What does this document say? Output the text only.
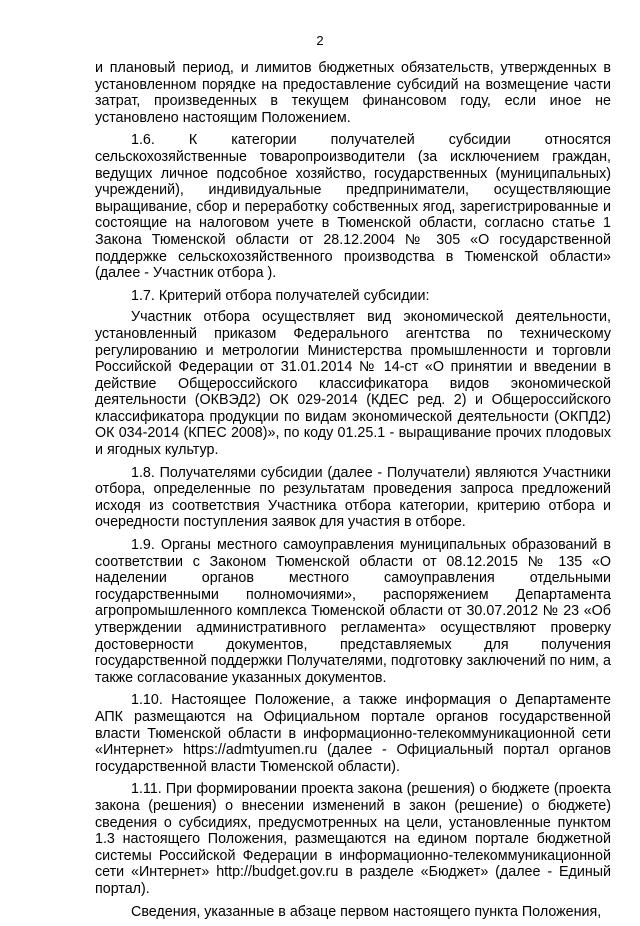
2

и плановый период, и лимитов бюджетных обязательств, утвержденных в установленном порядке на предоставление субсидий на возмещение части затрат, произведенных в текущем финансовом году, если иное не установлено настоящим Положением.

1.6. К категории получателей субсидии относятся сельскохозяйственные товаропроизводители (за исключением граждан, ведущих личное подсобное хозяйство, государственных (муниципальных) учреждений), индивидуальные предприниматели, осуществляющие выращивание, сбор и переработку собственных ягод, зарегистрированные и состоящие на налоговом учете в Тюменской области, согласно статье 1 Закона Тюменской области от 28.12.2004 № 305 «О государственной поддержке сельскохозяйственного производства в Тюменской области» (далее - Участник отбора ).

1.7. Критерий отбора получателей субсидии:

Участник отбора осуществляет вид экономической деятельности, установленный приказом Федерального агентства по техническому регулированию и метрологии Министерства промышленности и торговли Российской Федерации от 31.01.2014 № 14-ст «О принятии и введении в действие Общероссийского классификатора видов экономической деятельности (ОКВЭД2) ОК 029-2014 (КДЕС ред. 2) и Общероссийского классификатора продукции по видам экономической деятельности (ОКПД2) ОК 034-2014 (КПЕС 2008)», по коду 01.25.1 - выращивание прочих плодовых и ягодных культур.

1.8. Получателями субсидии (далее - Получатели) являются Участники отбора, определенные по результатам проведения запроса предложений исходя из соответствия Участника отбора категории, критерию отбора и очередности поступления заявок для участия в отборе.

1.9. Органы местного самоуправления муниципальных образований в соответствии с Законом Тюменской области от 08.12.2015 № 135 «О наделении органов местного самоуправления отдельными государственными полномочиями», распоряжением Департамента агропромышленного комплекса Тюменской области от 30.07.2012 № 23 «Об утверждении административного регламента» осуществляют проверку достоверности документов, представляемых для получения государственной поддержки Получателями, подготовку заключений по ним, а также согласование указанных документов.

1.10. Настоящее Положение, а также информация о Департаменте АПК размещаются на Официальном портале органов государственной власти Тюменской области в информационно-телекоммуникационной сети «Интернет» https://admtyumen.ru (далее - Официальный портал органов государственной власти Тюменской области).

1.11. При формировании проекта закона (решения) о бюджете (проекта закона (решения) о внесении изменений в закон (решение) о бюджете) сведения о субсидиях, предусмотренных на цели, установленные пунктом 1.3 настоящего Положения, размещаются на едином портале бюджетной системы Российской Федерации в информационно-телекоммуникационной сети «Интернет» http://budget.gov.ru в разделе «Бюджет» (далее - Единый портал).

Сведения, указанные в абзаце первом настоящего пункта Положения,
